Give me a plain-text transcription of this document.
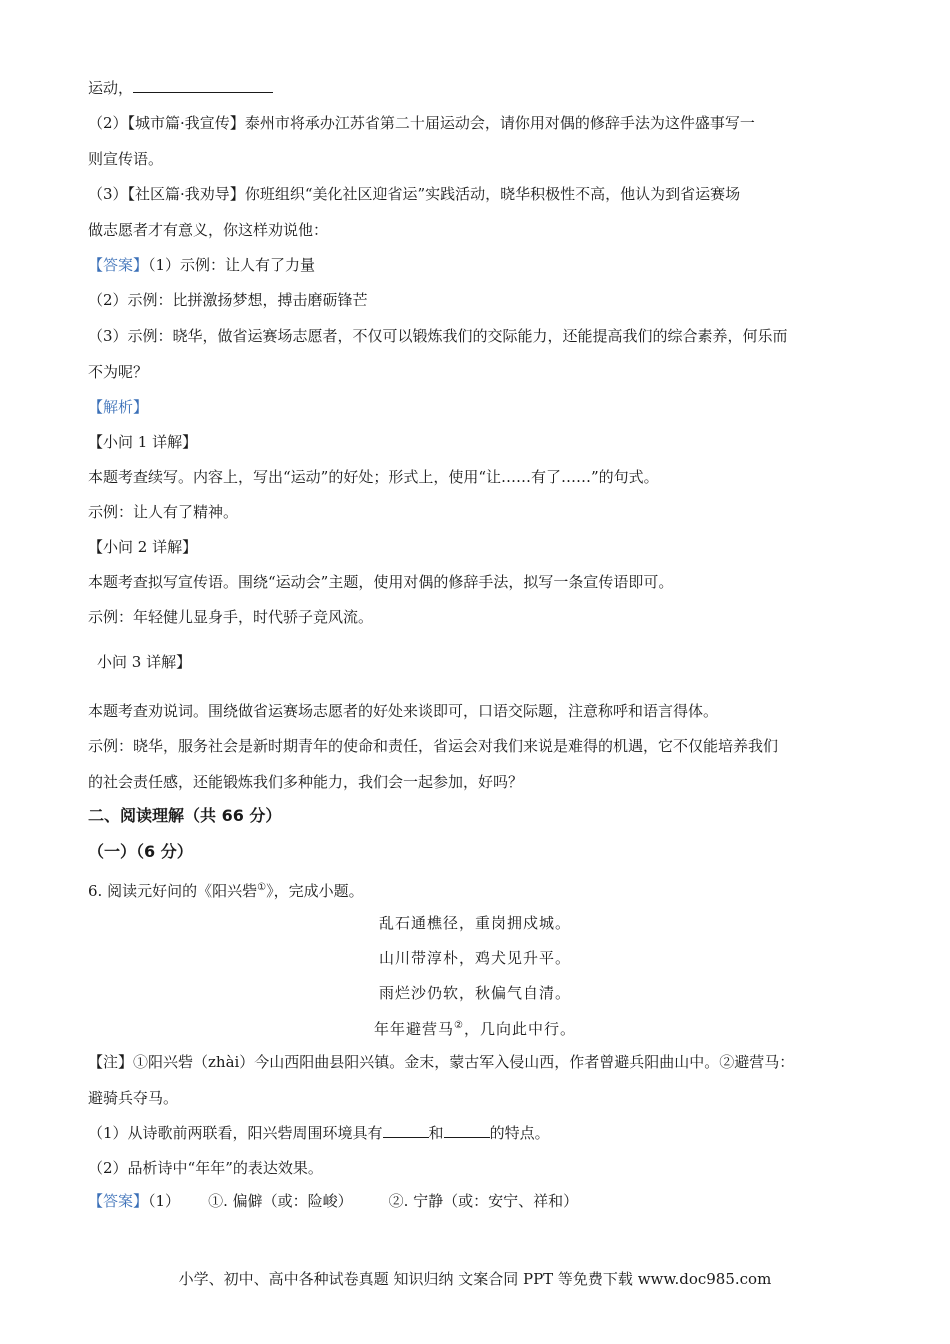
运动，
（2）【城市篇·我宣传】泰州市将承办江苏省第二十届运动会，请你用对偶的修辞手法为这件盛事写一
则宣传语。
（3）【社区篇·我劝导】你班组织“美化社区迎省运”实践活动，晓华积极性不高，他认为到省运赛场
做志愿者才有意义，你这样劝说他：
【答案】（1）示例：让人有了力量
（2）示例：比拼激扬梦想，搏击磨砺锋芒
（3）示例：晓华，做省运赛场志愿者，不仅可以锻炼我们的交际能力，还能提高我们的综合素养，何乐而
不为呢？
【解析】
【小问 1 详解】
本题考查续写。内容上，写出“运动”的好处；形式上，使用“让……有了……”的句式。
示例：让人有了精神。
【小问 2 详解】
本题考查拟写宣传语。围绕“运动会”主题，使用对偶的修辞手法，拟写一条宣传语即可。
示例：年轻健儿显身手，时代骄子竞风流。
小问 3 详解】
本题考查劝说词。围绕做省运赛场志愿者的好处来谈即可，口语交际题，注意称呼和语言得体。
示例：晓华，服务社会是新时期青年的使命和责任，省运会对我们来说是难得的机遇，它不仅能培养我们
的社会责任感，还能锻炼我们多种能力，我们会一起参加，好吗？
二、阅读理解（共 66 分）
（一）（6 分）
6. 阅读元好问的《阳兴砦①》，完成小题。
乱石通樵径，重岗拥戍城。
山川带淳朴，鸡犬见升平。
雨烂沙仍软，秋偏气自清。
年年避营马②，几向此中行。
【注】①阳兴砦（zhài）今山西阳曲县阳兴镇。金末，蒙古军入侵山西，作者曾避兵阳曲山中。②避营马：
避骑兵夺马。
（1）从诗歌前两联看，阳兴砦周围环境具有	和	的特点。
（2）品析诗中“年年”的表达效果。
【答案】（1） ①. 偏僻（或：险峻） ②. 宁静（或：安宁、祥和）
小学、初中、高中各种试卷真题 知识归纳 文案合同 PPT 等免费下载 www.doc985.com
